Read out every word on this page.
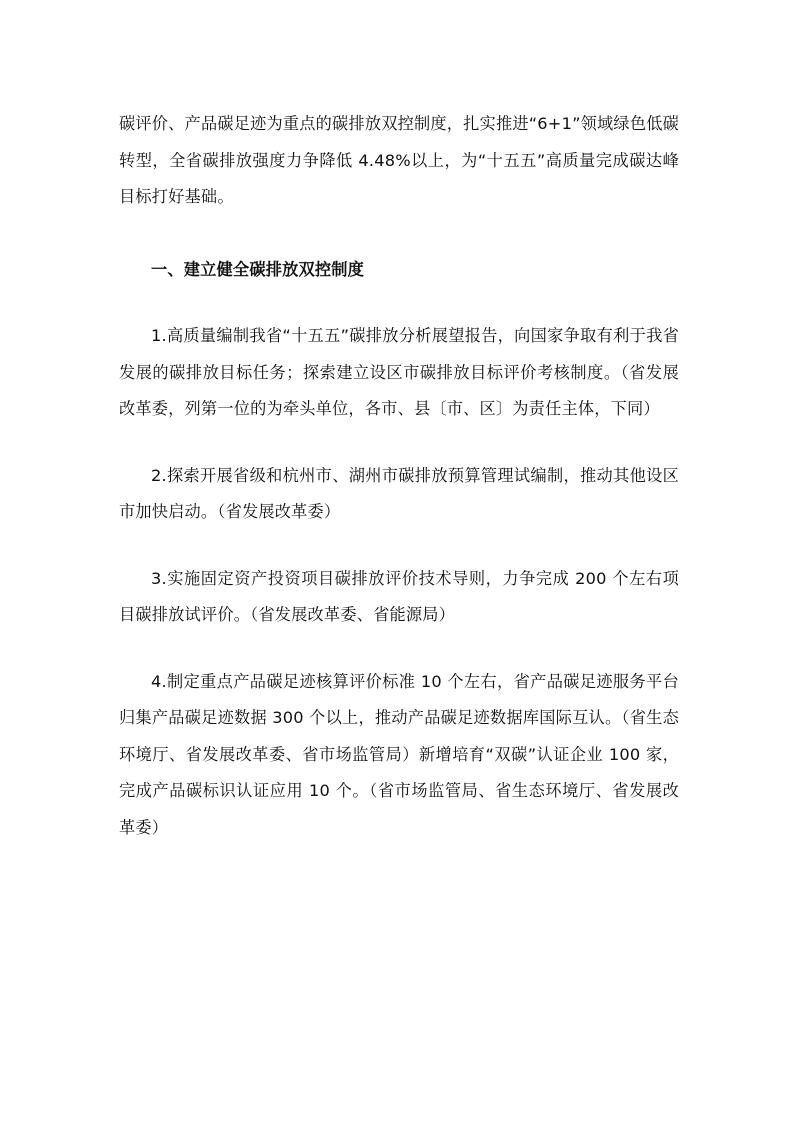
碳评价、产品碳足迹为重点的碳排放双控制度，扎实推进“6+1”领域绿色低碳转型，全省碳排放强度力争降低 4.48%以上，为“十五五”高质量完成碳达峰目标打好基础。

一、建立健全碳排放双控制度

1.高质量编制我省“十五五”碳排放分析展望报告，向国家争取有利于我省发展的碳排放目标任务；探索建立设区市碳排放目标评价考核制度。（省发展改革委，列第一位的为牵头单位，各市、县〔市、区〕为责任主体，下同）

2.探索开展省级和杭州市、湖州市碳排放预算管理试编制，推动其他设区市加快启动。（省发展改革委）

3.实施固定资产投资项目碳排放评价技术导则，力争完成 200 个左右项目碳排放试评价。（省发展改革委、省能源局）

4.制定重点产品碳足迹核算评价标准 10 个左右，省产品碳足迹服务平台归集产品碳足迹数据 300 个以上，推动产品碳足迹数据库国际互认。（省生态环境厅、省发展改革委、省市场监管局）新增培育“双碳”认证企业 100 家，完成产品碳标识认证应用 10 个。（省市场监管局、省生态环境厅、省发展改革委）
